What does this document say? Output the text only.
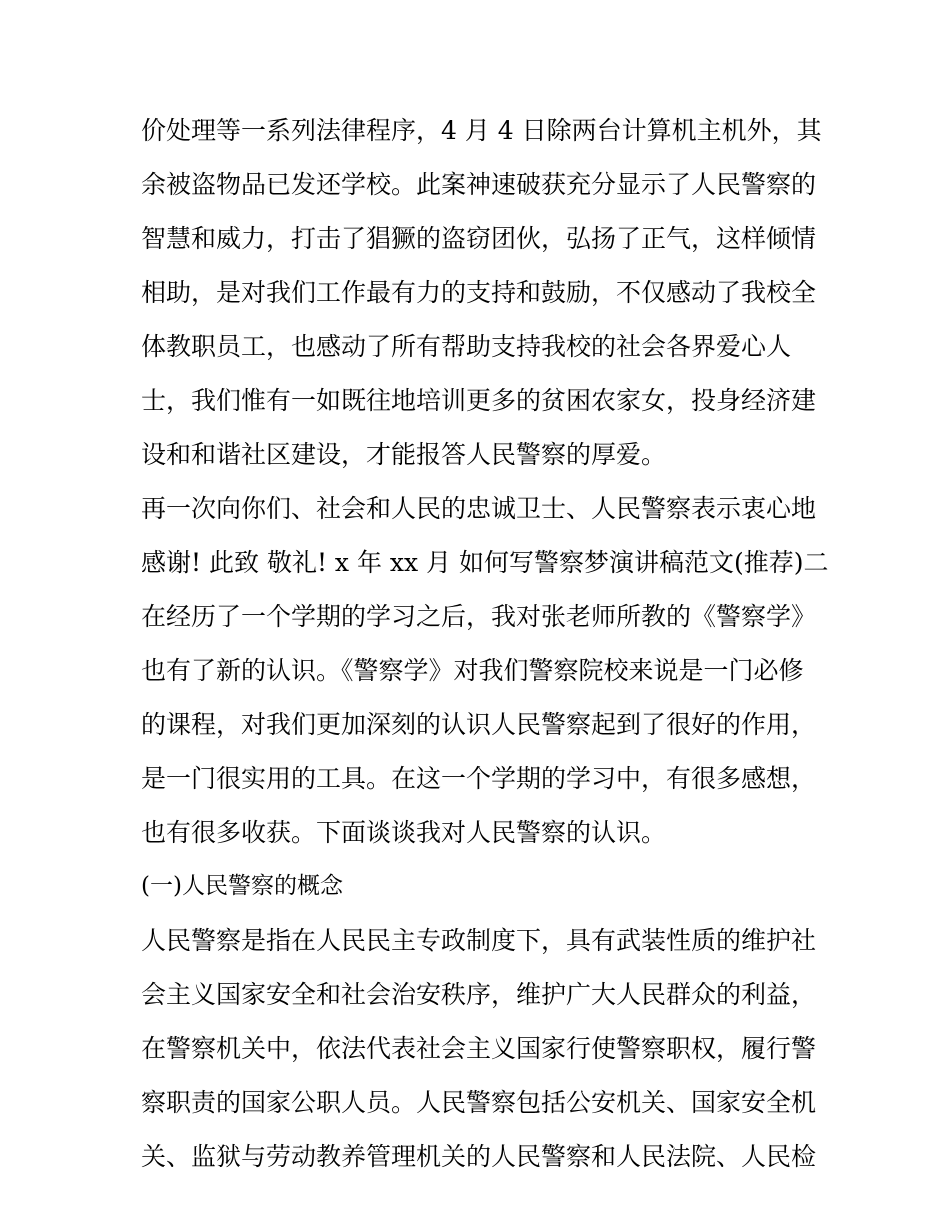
价处理等一系列法律程序，4 月 4 日除两台计算机主机外，其
余被盗物品已发还学校。此案神速破获充分显示了人民警察的
智慧和威力，打击了猖獗的盗窃团伙，弘扬了正气，这样倾情
相助，是对我们工作最有力的支持和鼓励，不仅感动了我校全
体教职员工，也感动了所有帮助支持我校的社会各界爱心人
士，我们惟有一如既往地培训更多的贫困农家女，投身经济建
设和和谐社区建设，才能报答人民警察的厚爱。
再一次向你们、社会和人民的忠诚卫士、人民警察表示衷心地
感谢! 此致 敬礼! x 年 xx 月 如何写警察梦演讲稿范文(推荐)二
在经历了一个学期的学习之后，我对张老师所教的《警察学》
也有了新的认识。《警察学》对我们警察院校来说是一门必修
的课程，对我们更加深刻的认识人民警察起到了很好的作用，
是一门很实用的工具。在这一个学期的学习中，有很多感想，
也有很多收获。下面谈谈我对人民警察的认识。
(一)人民警察的概念
人民警察是指在人民民主专政制度下，具有武装性质的维护社
会主义国家安全和社会治安秩序，维护广大人民群众的利益，
在警察机关中，依法代表社会主义国家行使警察职权，履行警
察职责的国家公职人员。人民警察包括公安机关、国家安全机
关、监狱与劳动教养管理机关的人民警察和人民法院、人民检
